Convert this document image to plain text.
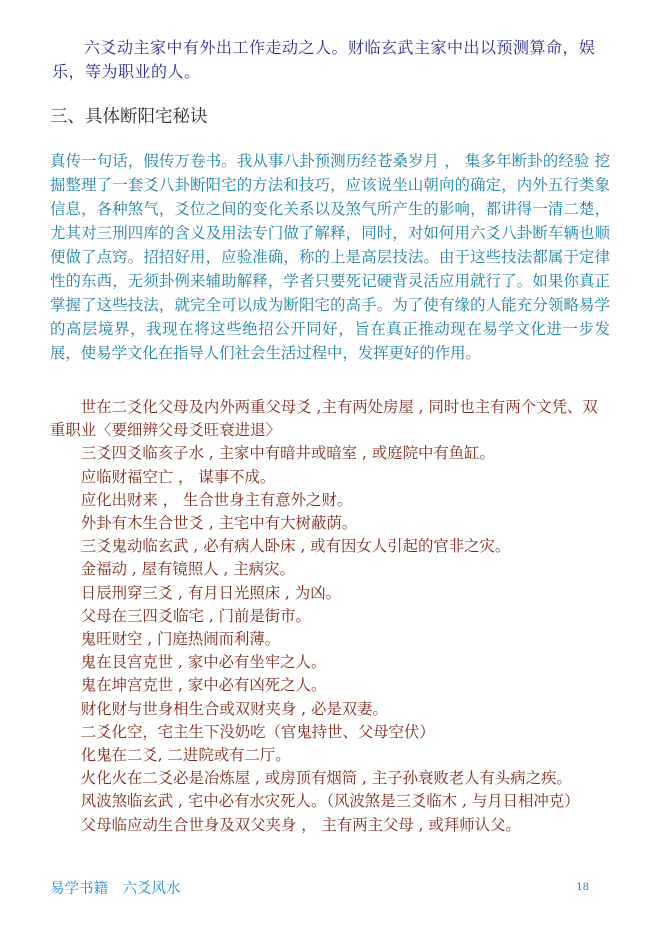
六爻动主家中有外出工作走动之人。财临玄武主家中出以预测算命，娱乐，等为职业的人。

三、具体断阳宅秘诀

真传一句话，假传万卷书。我从事八卦预测历经苍桑岁月 ， 集多年断卦的经验 挖掘整理了一套爻八卦断阳宅的方法和技巧，应该说坐山朝向的确定，内外五行类象信息，各种煞气，爻位之间的变化关系以及煞气所产生的影响，都讲得一清二楚，尤其对三刑四库的含义及用法专门做了解释，同时，对如何用六爻八卦断车辆也顺便做了点窍。招招好用，应验准确，称的上是高层技法。由于这些技法都属于定律性的东西，无须卦例来辅助解释，学者只要死记硬背灵活应用就行了。如果你真正掌握了这些技法，就完全可以成为断阳宅的高手。为了使有缘的人能充分领略易学的高层境界，我现在将这些绝招公开同好，旨在真正推动现在易学文化进一步发展，使易学文化在指导人们社会生活过程中，发挥更好的作用。

世在二爻化父母及内外两重父母爻 ,主有两处房屋 , 同时也主有两个文凭、双重职业〈要细辨父母爻旺衰进退〉
三爻四爻临亥子水 , 主家中有暗井或暗室 , 或庭院中有鱼缸。
应临财福空亡 ， 谋事不成。
应化出财来 ， 生合世身主有意外之财。
外卦有木生合世爻 , 主宅中有大树蔽荫。
三爻鬼动临玄武 , 必有病人卧床 , 或有因女人引起的官非之灾。
金福动 , 屋有镜照人 , 主病灾。
日辰刑穿三爻 , 有月日光照床 , 为凶。
父母在三四爻临宅 , 门前是街市。
鬼旺财空 , 门庭热闹而利薄。
鬼在艮宫克世 , 家中必有坐牢之人。
鬼在坤宫克世 , 家中必有凶死之人。
财化财与世身相生合或双财夹身 , 必是双妻。
二爻化空，宅主生下没奶吃（官鬼持世、父母空伏）
化鬼在二爻, 二进院或有二厅。
火化火在二爻必是冶炼屋 , 或房顶有烟筒 , 主子孙衰败老人有头病之疾。
风波煞临玄武 , 宅中必有水灾死人。（风波煞是三爻临木 , 与月日相冲克）
父母临应动生合世身及双父夹身 ， 主有两主父母 , 或拜师认父。

易学书籍　六爻风水	18
